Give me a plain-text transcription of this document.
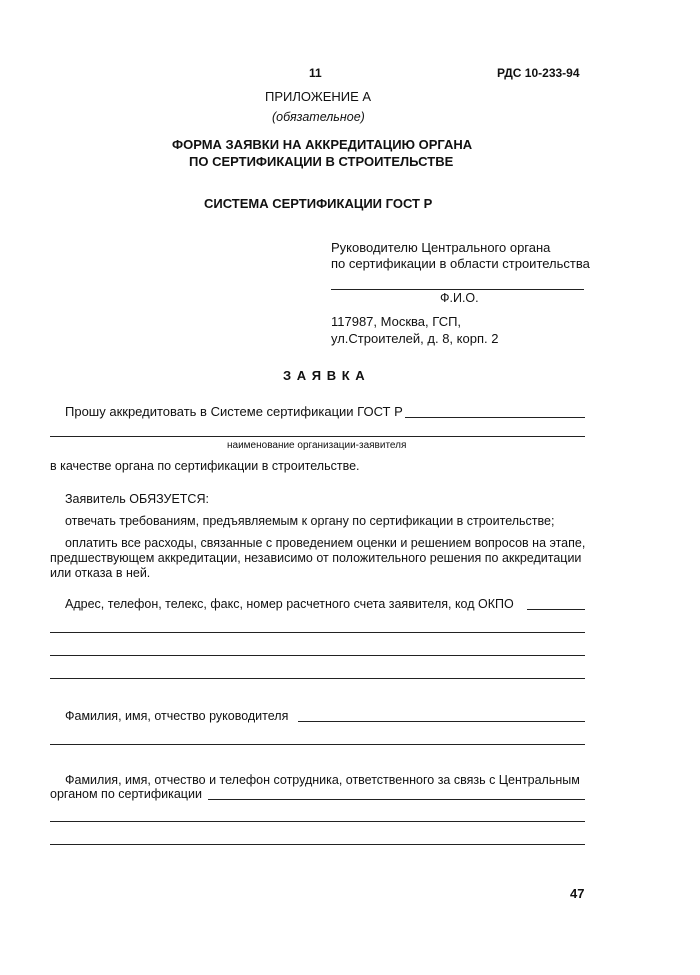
11	РДС 10-233-94
ПРИЛОЖЕНИЕ А
(обязательное)
ФОРМА ЗАЯВКИ НА АККРЕДИТАЦИЮ ОРГАНА
ПО СЕРТИФИКАЦИИ В СТРОИТЕЛЬСТВЕ
СИСТЕМА СЕРТИФИКАЦИИ ГОСТ Р
Руководителю Центрального органа
по сертификации в области строительства
Ф.И.О.
117987, Москва, ГСП,
ул.Строителей, д. 8, корп. 2
З А Я В К А
Прошу аккредитовать в Системе сертификации ГОСТ Р
наименование организации-заявителя
в качестве органа по сертификации в строительстве.
Заявитель ОБЯЗУЕТСЯ:
отвечать требованиям, предъявляемым к органу по сертификации в строительстве;
оплатить все расходы, связанные с проведением оценки и решением вопросов на этапе,
предшествующем аккредитации, независимо от положительного решения по аккредитации
или отказа в ней.
Адрес, телефон, телекс, факс, номер расчетного счета заявителя, код ОКПО
Фамилия, имя, отчество руководителя
Фамилия, имя, отчество и телефон сотрудника, ответственного за связь с Центральным
органом по сертификации
47
